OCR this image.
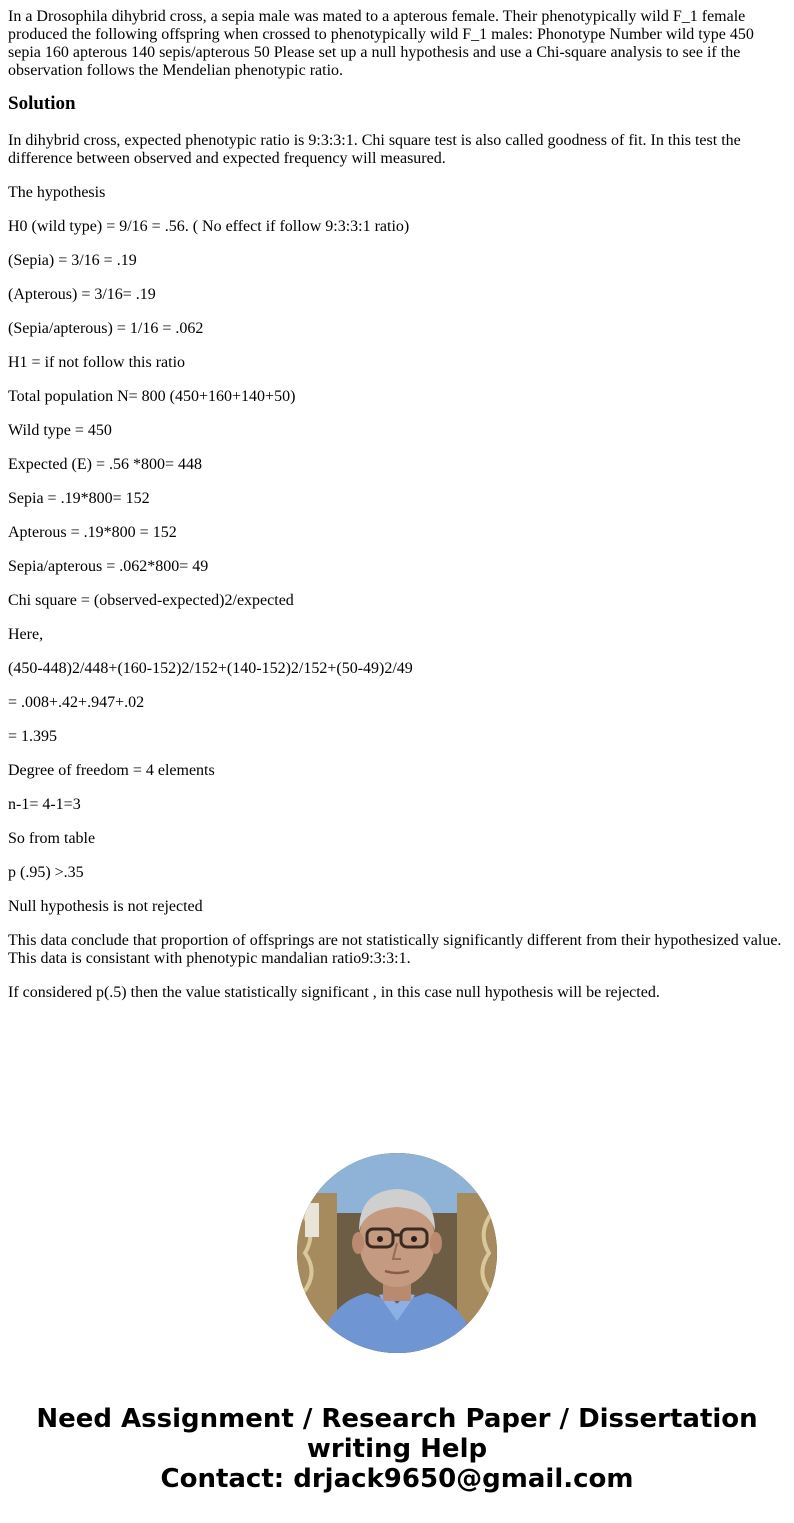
In a Drosophila dihybrid cross, a sepia male was mated to a apterous female. Their phenotypically wild F_1 female produced the following offspring when crossed to phenotypically wild F_1 males: Phonotype Number wild type 450 sepia 160 apterous 140 sepis/apterous 50 Please set up a null hypothesis and use a Chi-square analysis to see if the observation follows the Mendelian phenotypic ratio.
Solution
In dihybrid cross, expected phenotypic ratio is 9:3:3:1. Chi square test is also called goodness of fit. In this test the difference between observed and expected frequency will measured.
The hypothesis
H0 (wild type) = 9/16 = .56. ( No effect if follow 9:3:3:1 ratio)
(Sepia) = 3/16 = .19
(Apterous) = 3/16= .19
(Sepia/apterous) = 1/16 = .062
H1 = if not follow this ratio
Total population N= 800 (450+160+140+50)
Wild type = 450
Expected (E) = .56 *800= 448
Sepia = .19*800= 152
Apterous = .19*800 = 152
Sepia/apterous = .062*800= 49
Chi square = (observed-expected)2/expected
Here,
(450-448)2/448+(160-152)2/152+(140-152)2/152+(50-49)2/49
= .008+.42+.947+.02
= 1.395
Degree of freedom = 4 elements
n-1= 4-1=3
So from table
p (.95) >.35
Null hypothesis is not rejected
This data conclude that proportion of offsprings are not statistically significantly different from their hypothesized value. This data is consistant with phenotypic mandalian ratio9:3:3:1.
If considered p(.5) then the value statistically significant , in this case null hypothesis will be rejected.
Need Assignment / Research Paper / Dissertation
writing Help
Contact: drjack9650@gmail.com
